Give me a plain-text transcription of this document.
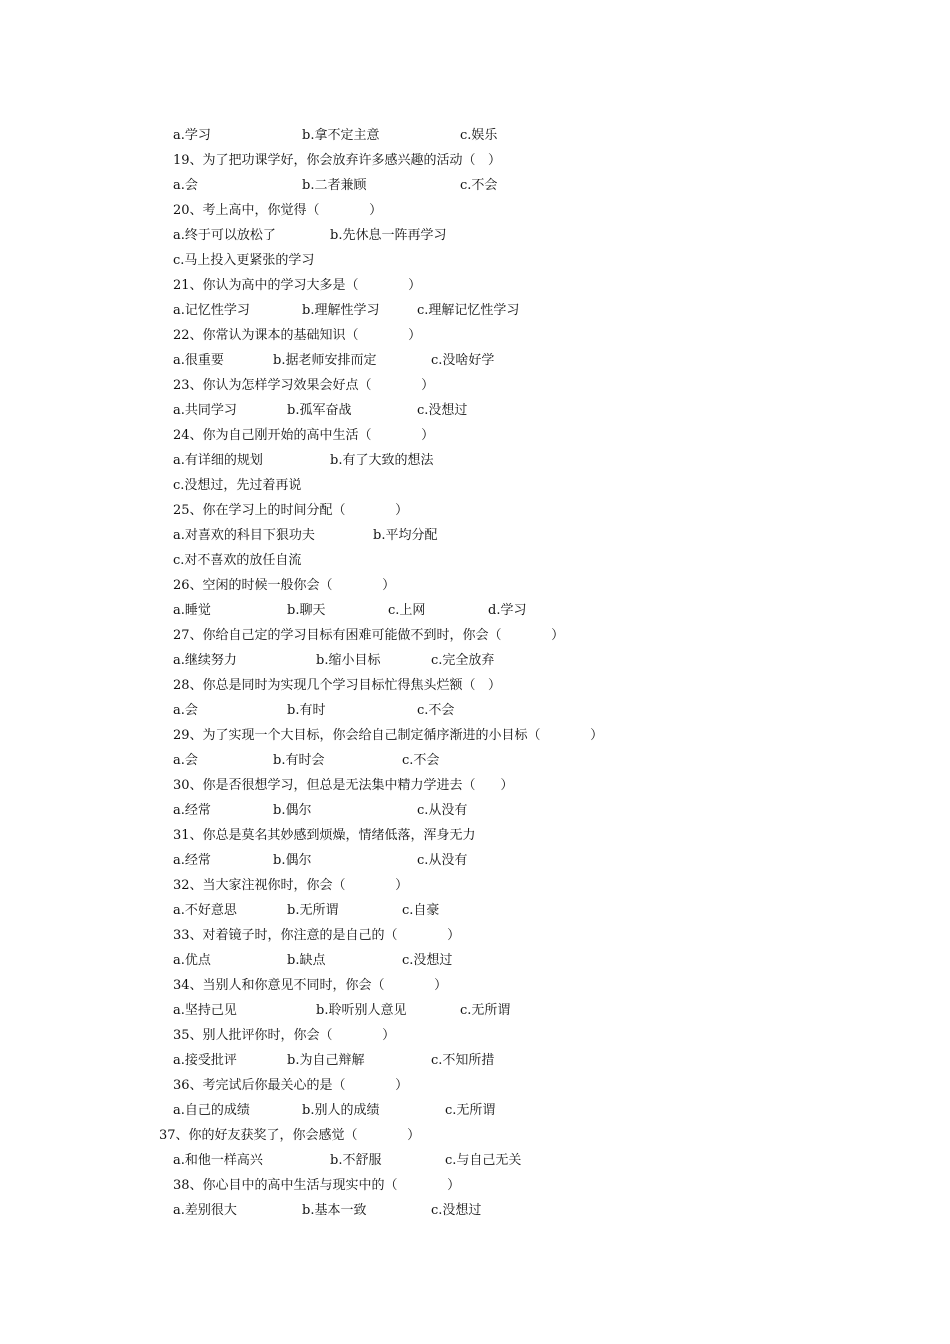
a.学习

	b.拿不定主意

	c.娱乐

19、为了把功课学好，你会放弃许多感兴趣的活动（   ）

a.会

	b.二者兼顾

	c.不会

20、考上高中，你觉得（            ）

a.终于可以放松了

	b.先休息一阵再学习

c.马上投入更紧张的学习
21、你认为高中的学习大多是（            ）

a.记忆性学习

	b.理解性学习

	c.理解记忆性学习

22、你常认为课本的基础知识（            ）

a.很重要

	b.据老师安排而定

	c.没啥好学

23、你认为怎样学习效果会好点（            ）

a.共同学习

	b.孤军奋战

	c.没想过

24、你为自己刚开始的高中生活（            ）

a.有详细的规划

	b.有了大致的想法

c.没想过，先过着再说
25、你在学习上的时间分配（            ）

a.对喜欢的科目下狠功夫

	b.平均分配

c.对不喜欢的放任自流
26、空闲的时候一般你会（            ）

a.睡觉

	b.聊天

	c.上网

	d.学习

27、你给自己定的学习目标有困难可能做不到时，你会（            ）

a.继续努力

	b.缩小目标

	c.完全放弃

28、你总是同时为实现几个学习目标忙得焦头烂额（   ）

a.会

	b.有时

	c.不会

29、为了实现一个大目标，你会给自己制定循序渐进的小目标（            ）

a.会

	b.有时会

	c.不会

30、你是否很想学习，但总是无法集中精力学进去（      ）

a.经常

	b.偶尔

	c.从没有

31、你总是莫名其妙感到烦燥，情绪低落，浑身无力

a.经常

	b.偶尔

	c.从没有

32、当大家注视你时，你会（            ）

a.不好意思

	b.无所谓

	c.自豪

33、对着镜子时，你注意的是自己的（            ）

a.优点

	b.缺点

	c.没想过

34、当别人和你意见不同时，你会（            ）

a.坚持己见

	b.聆听别人意见

	c.无所谓

35、别人批评你时，你会（            ）

a.接受批评

	b.为自己辩解

	c.不知所措

36、考完试后你最关心的是（            ）

a.自己的成绩

	b.别人的成绩

	c.无所谓

37、你的好友获奖了，你会感觉（            ）

a.和他一样高兴

	b.不舒服

	c.与自己无关

38、你心目中的高中生活与现实中的（            ）

a.差别很大

	b.基本一致

	c.没想过
